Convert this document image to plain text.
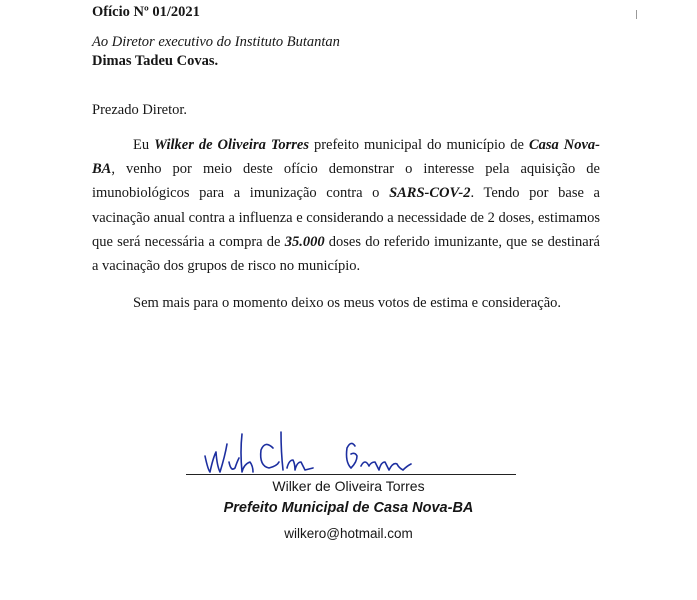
Ofício Nº 01/2021
Ao Diretor executivo do Instituto Butantan
Dimas Tadeu Covas.
Prezado Diretor.
Eu Wilker de Oliveira Torres prefeito municipal do município de Casa Nova-BA, venho por meio deste ofício demonstrar o interesse pela aquisição de imunobiológicos para a imunização contra o SARS-COV-2. Tendo por base a vacinação anual contra a influenza e considerando a necessidade de 2 doses, estimamos que será necessária a compra de 35.000 doses do referido imunizante, que se destinará a vacinação dos grupos de risco no município.
Sem mais para o momento deixo os meus votos de estima e consideração.
Wilker de Oliveira Torres
Prefeito Municipal de Casa Nova-BA
wilkero@hotmail.com
